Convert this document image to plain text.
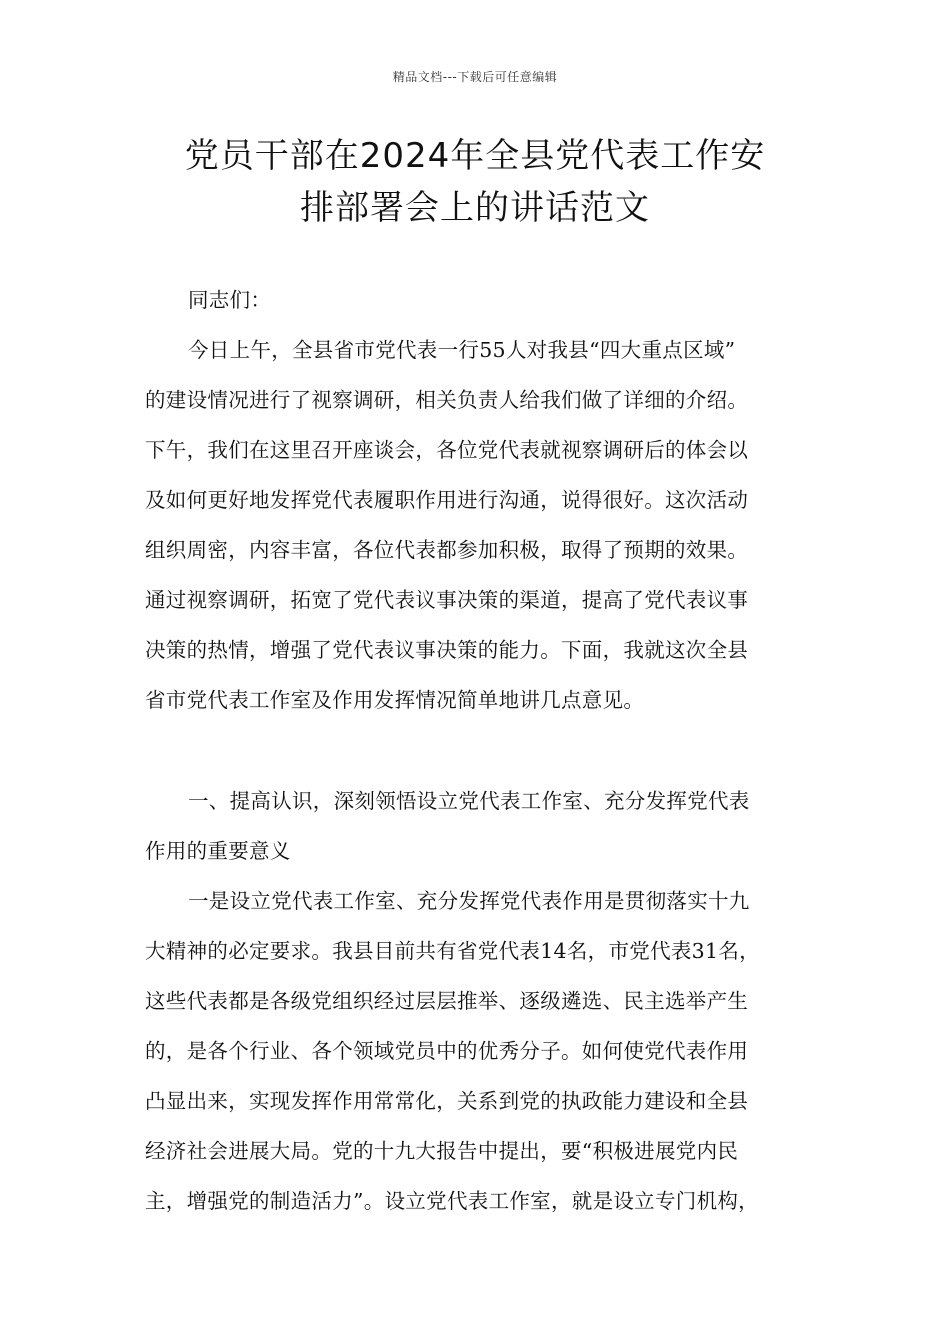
精品文档---下载后可任意编辑
党员干部在2024年全县党代表工作安
排部署会上的讲话范文
同志们：
今日上午，全县省市党代表一行55人对我县“四大重点区域”
的建设情况进行了视察调研，相关负责人给我们做了详细的介绍。
下午，我们在这里召开座谈会，各位党代表就视察调研后的体会以
及如何更好地发挥党代表履职作用进行沟通，说得很好。这次活动
组织周密，内容丰富，各位代表都参加积极，取得了预期的效果。
通过视察调研，拓宽了党代表议事决策的渠道，提高了党代表议事
决策的热情，增强了党代表议事决策的能力。下面，我就这次全县
省市党代表工作室及作用发挥情况简单地讲几点意见。
一、提高认识，深刻领悟设立党代表工作室、充分发挥党代表
作用的重要意义
一是设立党代表工作室、充分发挥党代表作用是贯彻落实十九
大精神的必定要求。我县目前共有省党代表14名，市党代表31名，
这些代表都是各级党组织经过层层推举、逐级遴选、民主选举产生
的，是各个行业、各个领域党员中的优秀分子。如何使党代表作用
凸显出来，实现发挥作用常常化，关系到党的执政能力建设和全县
经济社会进展大局。党的十九大报告中提出，要“积极进展党内民
主，增强党的制造活力”。设立党代表工作室，就是设立专门机构，
